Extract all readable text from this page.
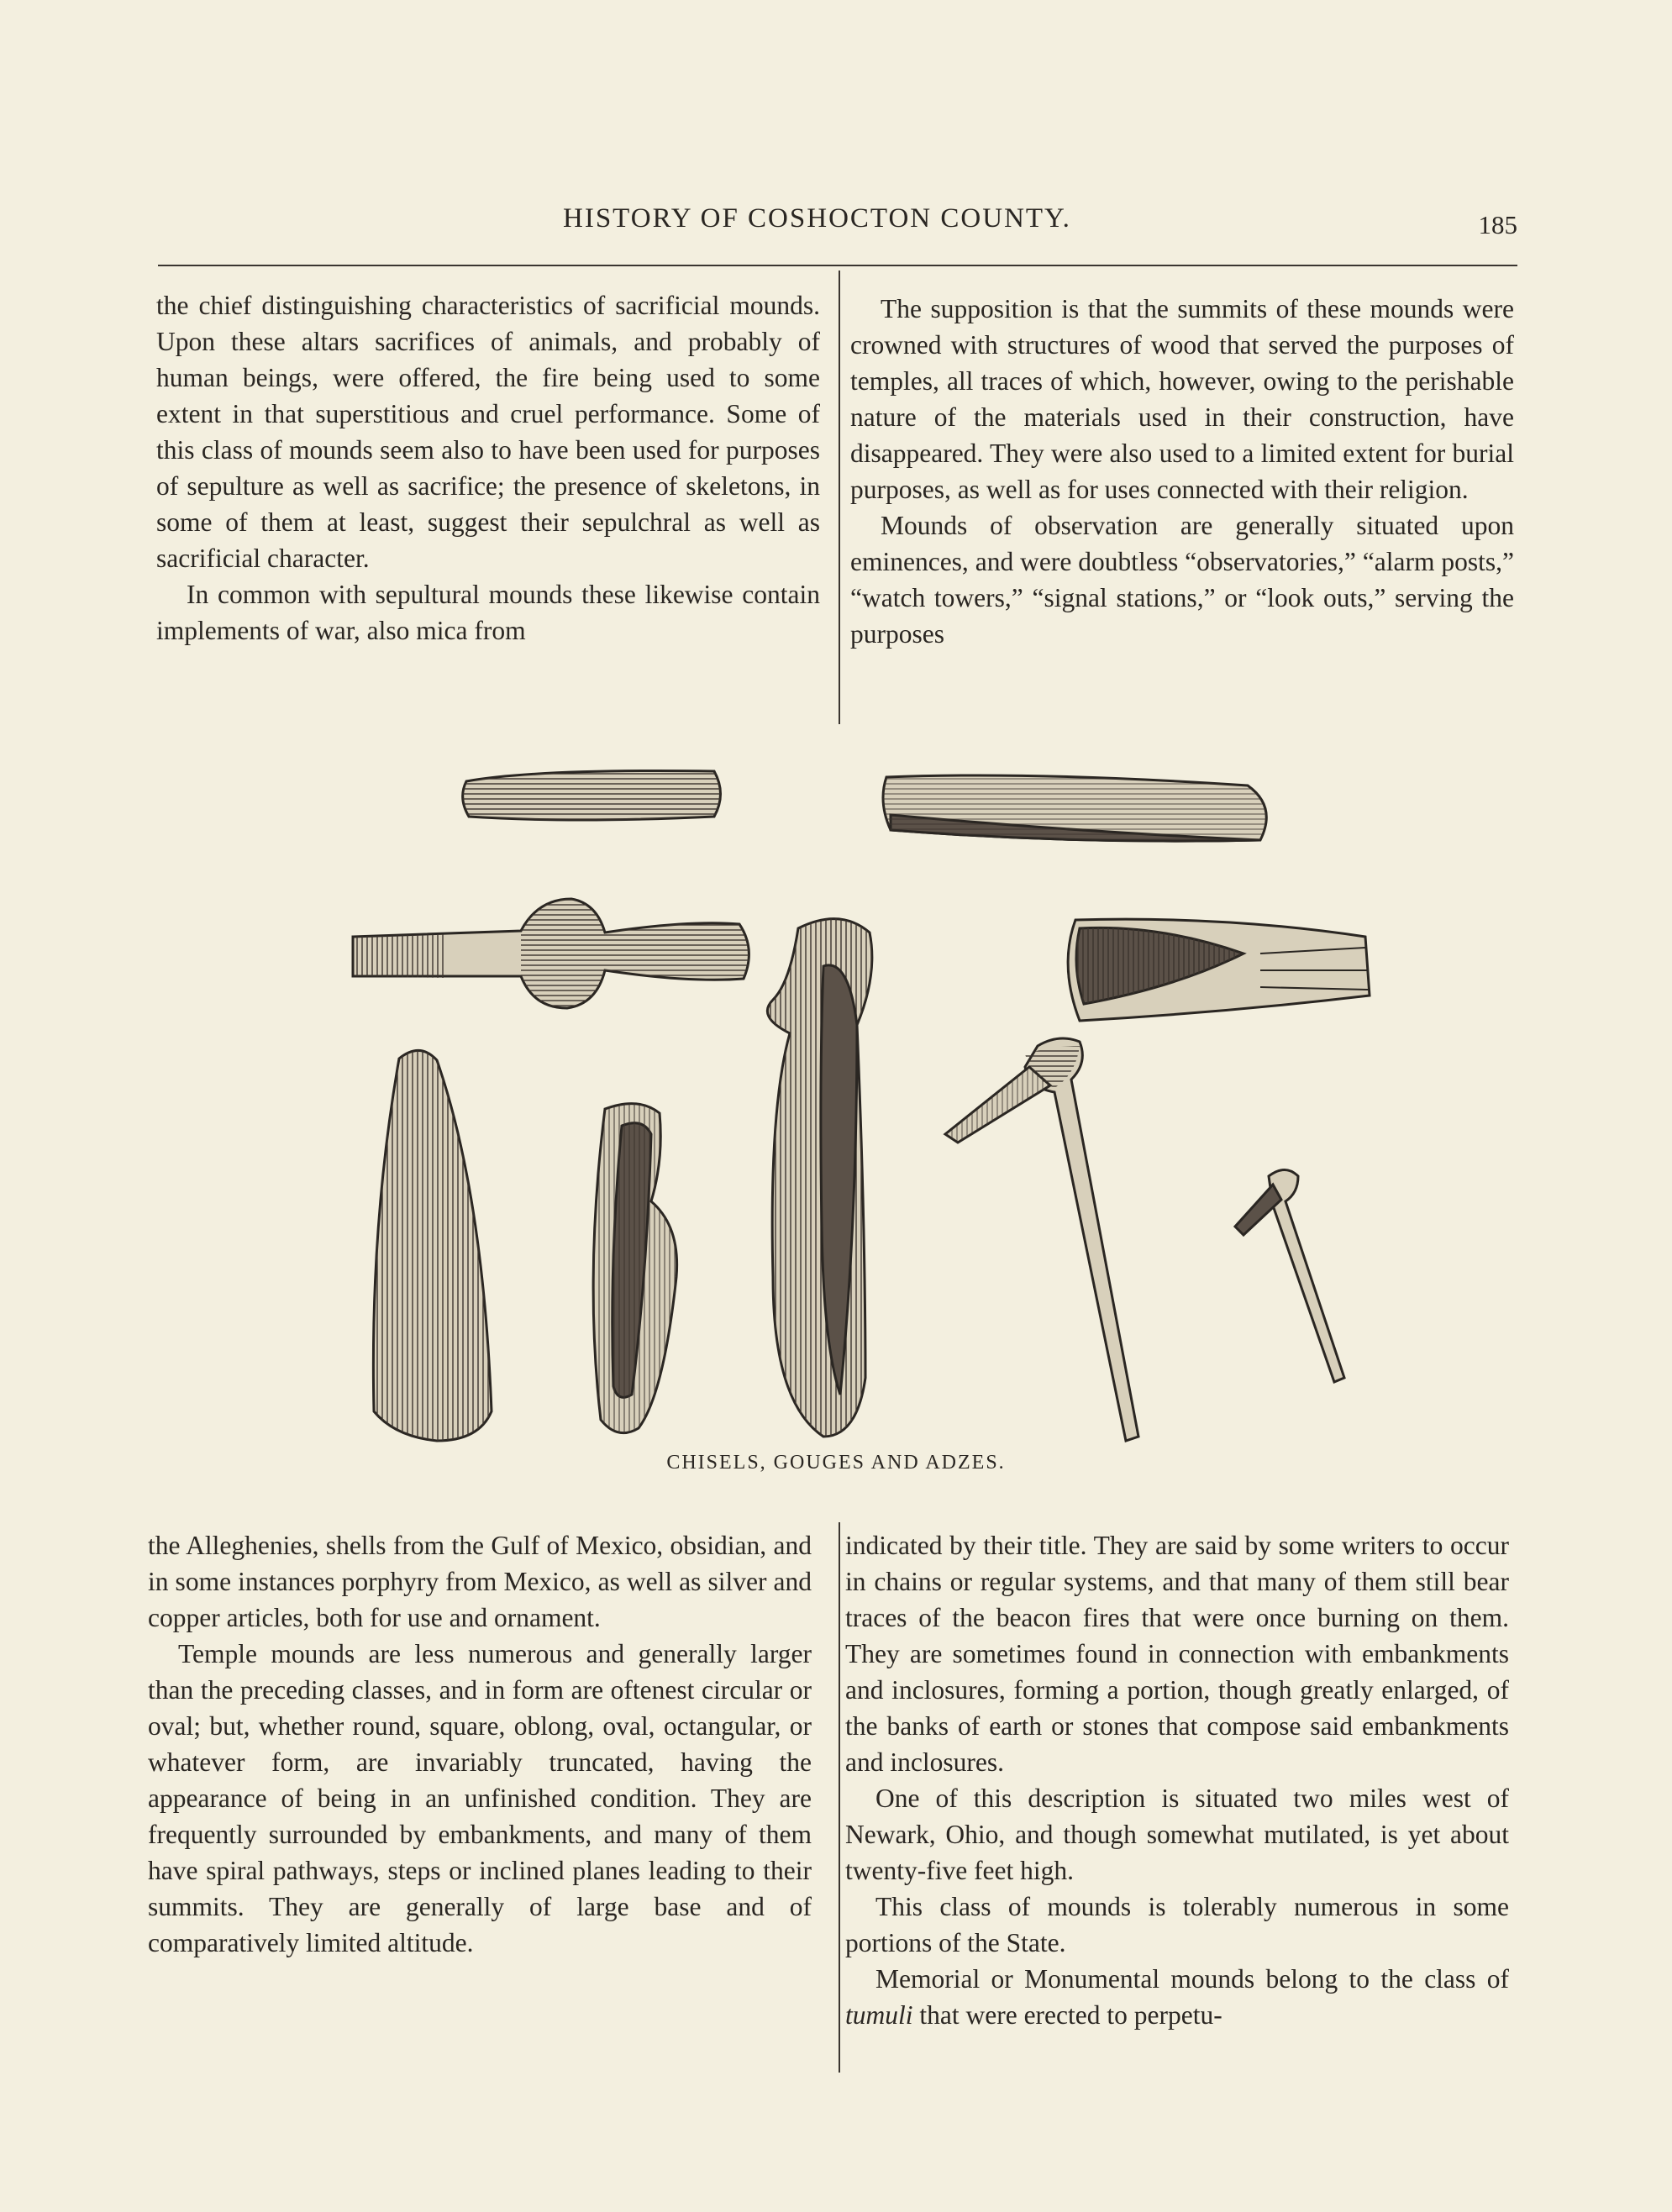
HISTORY OF COSHOCTON COUNTY.	185

the chief distinguishing characteristics of sacrificial mounds. Upon these altars sacrifices of animals, and probably of human beings, were offered, the fire being used to some extent in that superstitious and cruel performance. Some of this class of mounds seem also to have been used for purposes of sepulture as well as sacrifice; the presence of skeletons, in some of them at least, suggest their sepulchral as well as sacrificial character.

In common with sepultural mounds these likewise contain implements of war, also mica from

The supposition is that the summits of these mounds were crowned with structures of wood that served the purposes of temples, all traces of which, however, owing to the perishable nature of the materials used in their construction, have disappeared. They were also used to a limited extent for burial purposes, as well as for uses connected with their religion.

Mounds of observation are generally situated upon eminences, and were doubtless “observatories,” “alarm posts,” “watch towers,” “signal stations,” or “look outs,” serving the purposes

CHISELS, GOUGES AND ADZES.

the Alleghenies, shells from the Gulf of Mexico, obsidian, and in some instances porphyry from Mexico, as well as silver and copper articles, both for use and ornament.

Temple mounds are less numerous and generally larger than the preceding classes, and in form are oftenest circular or oval; but, whether round, square, oblong, oval, octangular, or whatever form, are invariably truncated, having the appearance of being in an unfinished condition. They are frequently surrounded by embankments, and many of them have spiral pathways, steps or inclined planes leading to their summits. They are generally of large base and of comparatively limited altitude.

indicated by their title. They are said by some writers to occur in chains or regular systems, and that many of them still bear traces of the beacon fires that were once burning on them. They are sometimes found in connection with embankments and inclosures, forming a portion, though greatly enlarged, of the banks of earth or stones that compose said embankments and inclosures.

One of this description is situated two miles west of Newark, Ohio, and though somewhat mutilated, is yet about twenty-five feet high.

This class of mounds is tolerably numerous in some portions of the State.

Memorial or Monumental mounds belong to the class of tumuli that were erected to perpetu-
